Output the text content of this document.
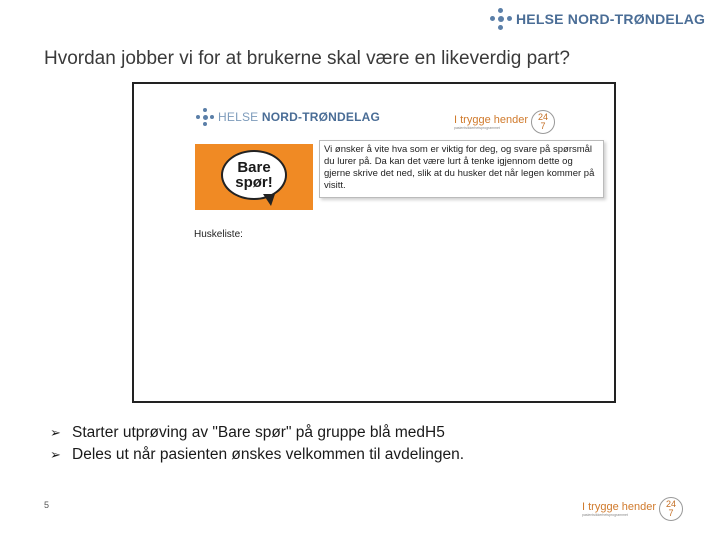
HELSE NORD-TRØNDELAG
Hvordan jobber vi for at brukerne skal være en likeverdig part?
HELSE NORD-TRØNDELAG	I trygge hender
pasientsikkerhetsprogrammet
24
7
Bare
spør!
Vi ønsker å vite hva som er viktig for deg, og svare på spørsmål du lurer på. Da kan det være lurt å tenke igjennom dette og gjerne skrive det ned, slik at du husker det når legen kommer på visitt.
Huskeliste:
➢ Starter utprøving av "Bare spør" på gruppe blå medH5
➢ Deles ut når pasienten ønskes velkommen til avdelingen.
5	I trygge hender
pasientsikkerhetsprogrammet
24
7
